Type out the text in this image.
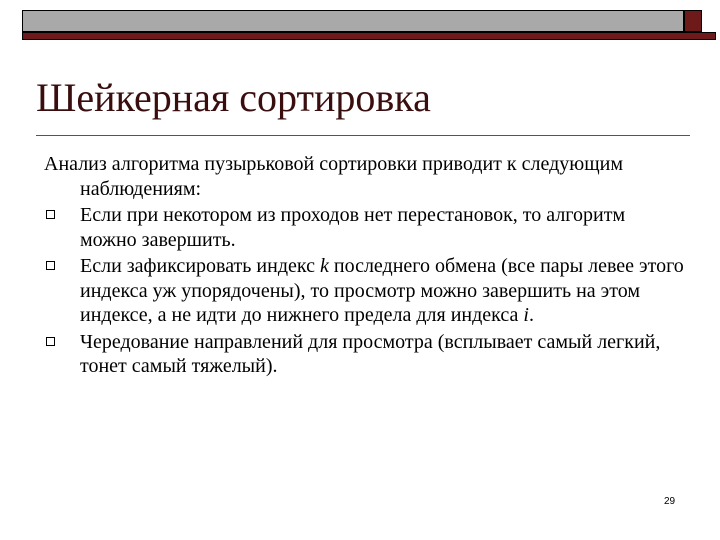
Шейкерная сортировка

Анализ алгоритма пузырьковой сортировки приводит к следующим наблюдениям:

Если при некотором из проходов нет перестановок, то алгоритм можно завершить.
Если зафиксировать индекс k последнего обмена (все пары левее этого индекса уж упорядочены), то просмотр можно завершить на этом индексе, а не идти до нижнего предела для индекса i.
Чередование направлений для просмотра (всплывает самый легкий, тонет самый тяжелый).
29
